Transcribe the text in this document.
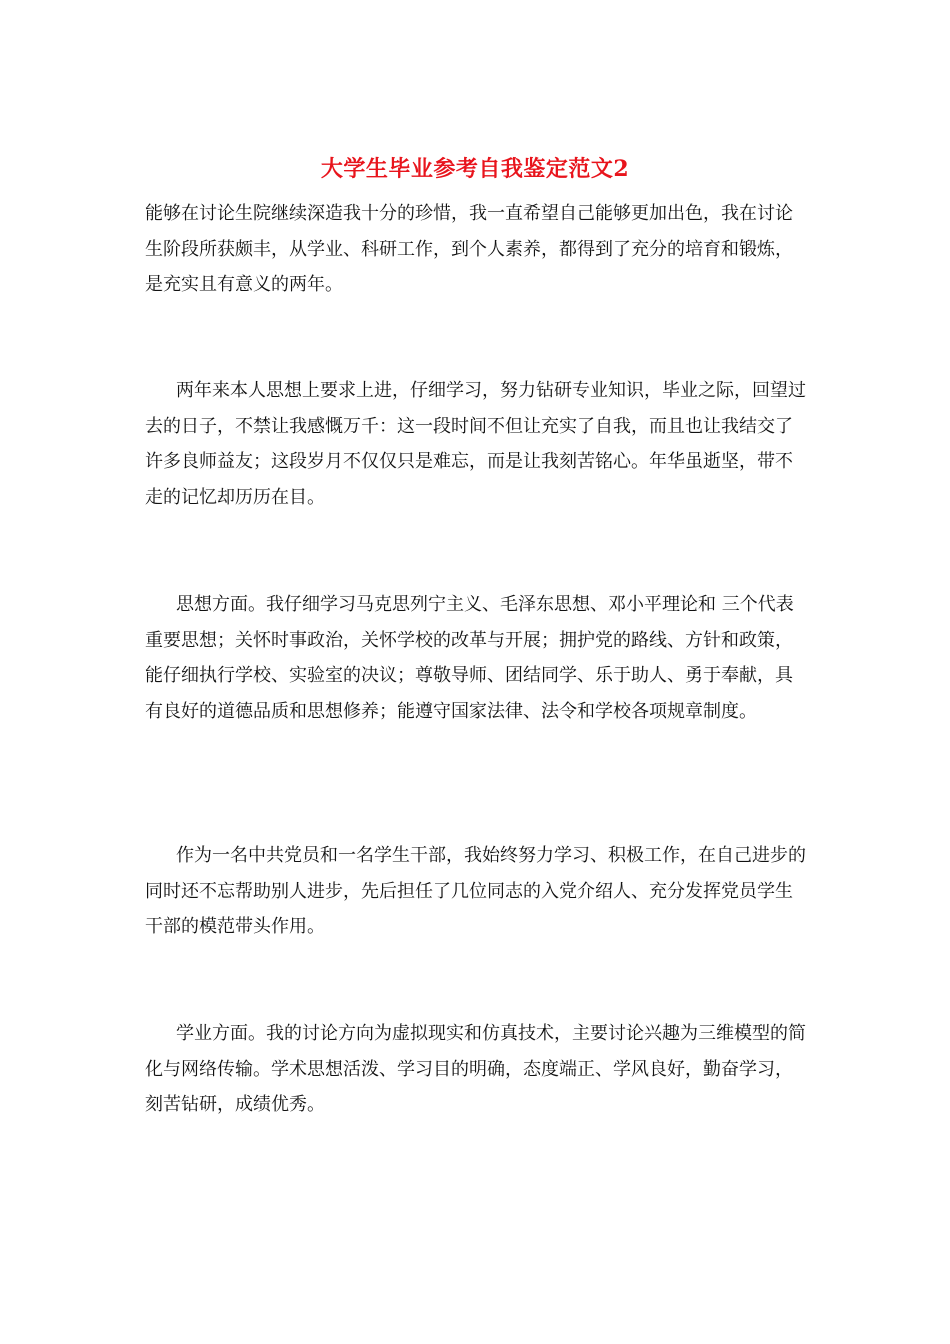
大学生毕业参考自我鉴定范文2

能够在讨论生院继续深造我十分的珍惜，我一直希望自己能够更加出色，我在讨论生阶段所获颇丰，从学业、科研工作，到个人素养，都得到了充分的培育和锻炼，是充实且有意义的两年。

两年来本人思想上要求上进，仔细学习，努力钻研专业知识，毕业之际，回望过去的日子，不禁让我感慨万千：这一段时间不但让充实了自我，而且也让我结交了许多良师益友；这段岁月不仅仅只是难忘，而是让我刻苦铭心。年华虽逝坚，带不走的记忆却历历在目。

思想方面。我仔细学习马克思列宁主义、毛泽东思想、邓小平理论和 三个代表 重要思想；关怀时事政治，关怀学校的改革与开展；拥护党的路线、方针和政策，能仔细执行学校、实验室的决议；尊敬导师、团结同学、乐于助人、勇于奉献，具有良好的道德品质和思想修养；能遵守国家法律、法令和学校各项规章制度。

作为一名中共党员和一名学生干部，我始终努力学习、积极工作，在自己进步的同时还不忘帮助别人进步，先后担任了几位同志的入党介绍人、充分发挥党员学生干部的模范带头作用。

学业方面。我的讨论方向为虚拟现实和仿真技术，主要讨论兴趣为三维模型的简化与网络传输。学术思想活泼、学习目的明确，态度端正、学风良好，勤奋学习，刻苦钻研，成绩优秀。
